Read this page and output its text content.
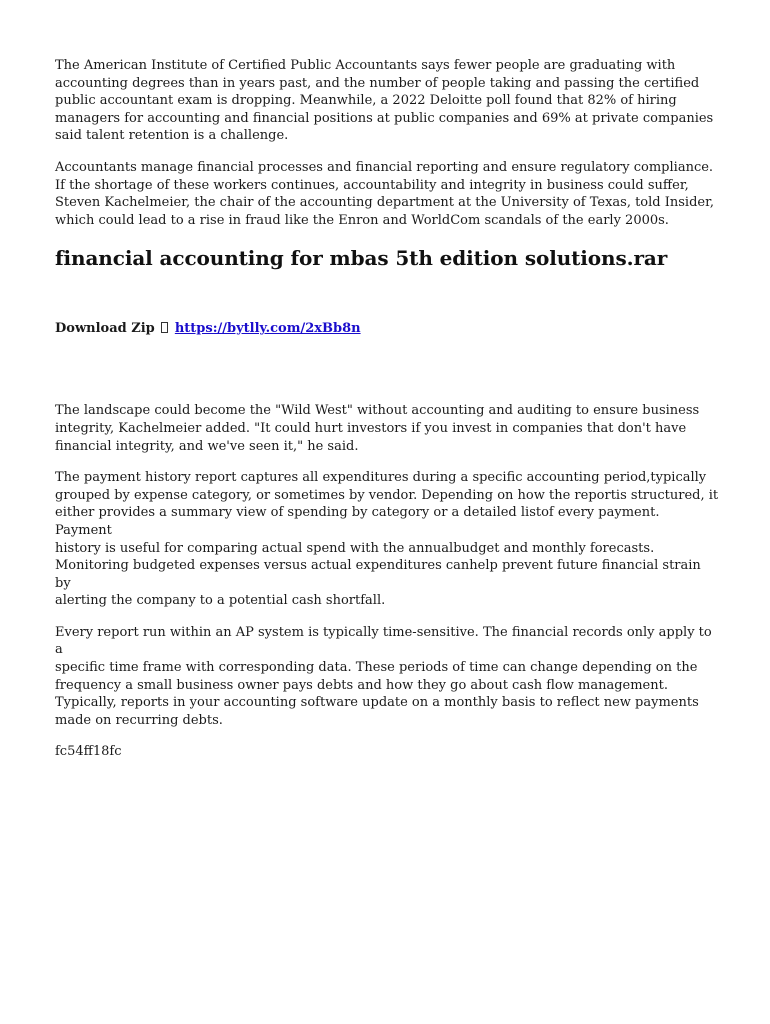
The American Institute of Certified Public Accountants says fewer people are graduating with
accounting degrees than in years past, and the number of people taking and passing the certified
public accountant exam is dropping. Meanwhile, a 2022 Deloitte poll found that 82% of hiring
managers for accounting and financial positions at public companies and 69% at private companies
said talent retention is a challenge.

Accountants manage financial processes and financial reporting and ensure regulatory compliance.
If the shortage of these workers continues, accountability and integrity in business could suffer,
Steven Kachelmeier, the chair of the accounting department at the University of Texas, told Insider,
which could lead to a rise in fraud like the Enron and WorldCom scandals of the early 2000s.

financial accounting for mbas 5th edition solutions.rar
Download Zip https://bytlly.com/2xBb8n

The landscape could become the "Wild West" without accounting and auditing to ensure business
integrity, Kachelmeier added. "It could hurt investors if you invest in companies that don't have
financial integrity, and we've seen it," he said.

The payment history report captures all expenditures during a specific accounting period,typically
grouped by expense category, or sometimes by vendor. Depending on how the reportis structured, it
either provides a summary view of spending by category or a detailed listof every payment. Payment
history is useful for comparing actual spend with the annualbudget and monthly forecasts.
Monitoring budgeted expenses versus actual expenditures canhelp prevent future financial strain by
alerting the company to a potential cash shortfall.

Every report run within an AP system is typically time-sensitive. The financial records only apply to a
specific time frame with corresponding data. These periods of time can change depending on the
frequency a small business owner pays debts and how they go about cash flow management.
Typically, reports in your accounting software update on a monthly basis to reflect new payments
made on recurring debts.

fc54ff18fc
